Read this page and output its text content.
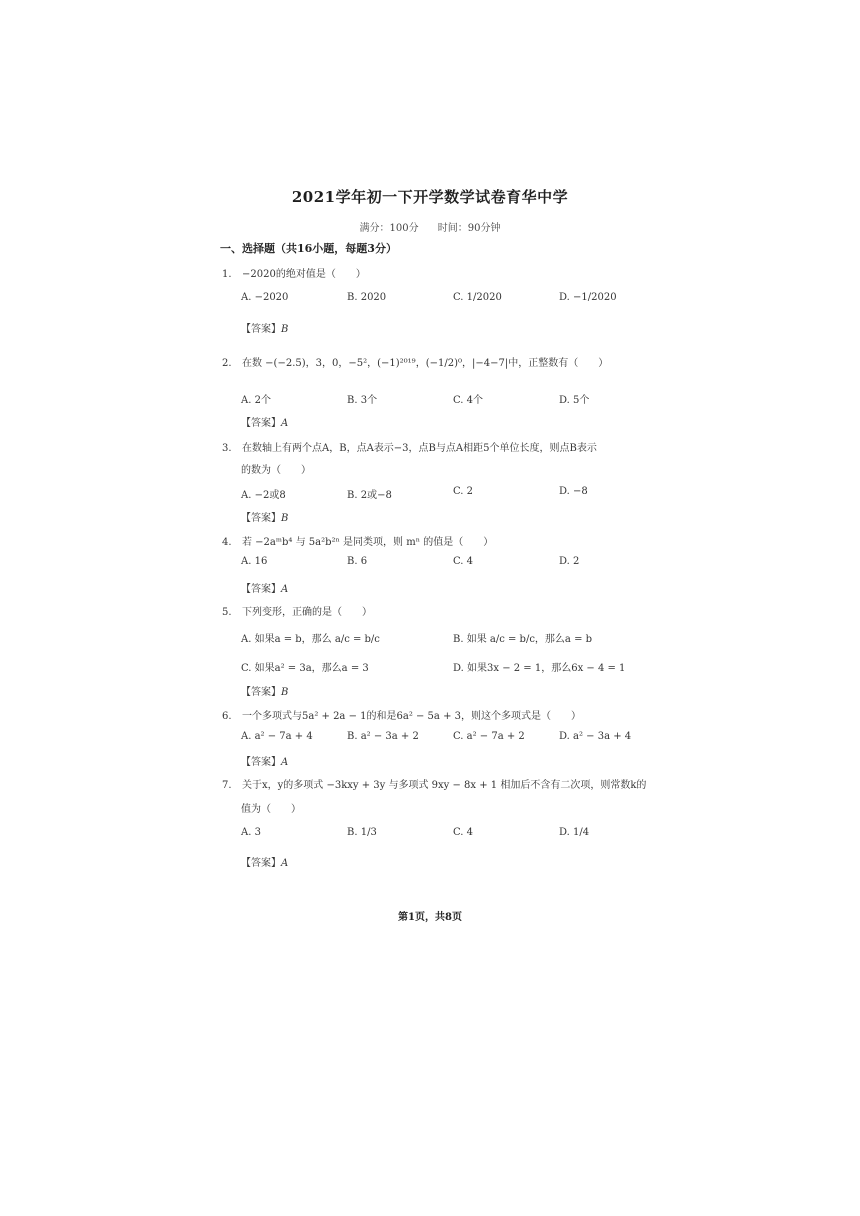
2021学年初一下开学数学试卷育华中学
满分：100分 时间：90分钟
一、选择题（共16小题，每题3分）
1. −2020的绝对值是（　　）
A. −2020	B. 2020	C. 1/2020	D. −1/2020
【答案】B
2. 在数 −(−2.5)，3，0，−5²，(−1)²⁰¹⁹，(−1/2)⁰，|−4−7|中，正整数有（　　）
A. 2个	B. 3个	C. 4个	D. 5个
【答案】A
3. 在数轴上有两个点A，B，点A表示−3，点B与点A相距5个单位长度，则点B表示
的数为（　　）
A. −2或8	B. 2或−8	C. 2	D. −8
【答案】B
4. 若 −2aᵐb⁴ 与 5a²b²ⁿ 是同类项，则 mⁿ 的值是（　　）
A. 16	B. 6	C. 4	D. 2
【答案】A
5. 下列变形，正确的是（　　）
A. 如果a = b，那么 a/c = b/c	B. 如果 a/c = b/c，那么a = b
C. 如果a² = 3a，那么a = 3	D. 如果3x − 2 = 1，那么6x − 4 = 1
【答案】B
6. 一个多项式与5a² + 2a − 1的和是6a² − 5a + 3，则这个多项式是（　　）
A. a² − 7a + 4	B. a² − 3a + 2	C. a² − 7a + 2	D. a² − 3a + 4
【答案】A
7. 关于x，y的多项式 −3kxy + 3y 与多项式 9xy − 8x + 1 相加后不含有二次项，则常数k的
值为（　　）
A. 3	B. 1/3	C. 4	D. 1/4
【答案】A
第1页，共8页
